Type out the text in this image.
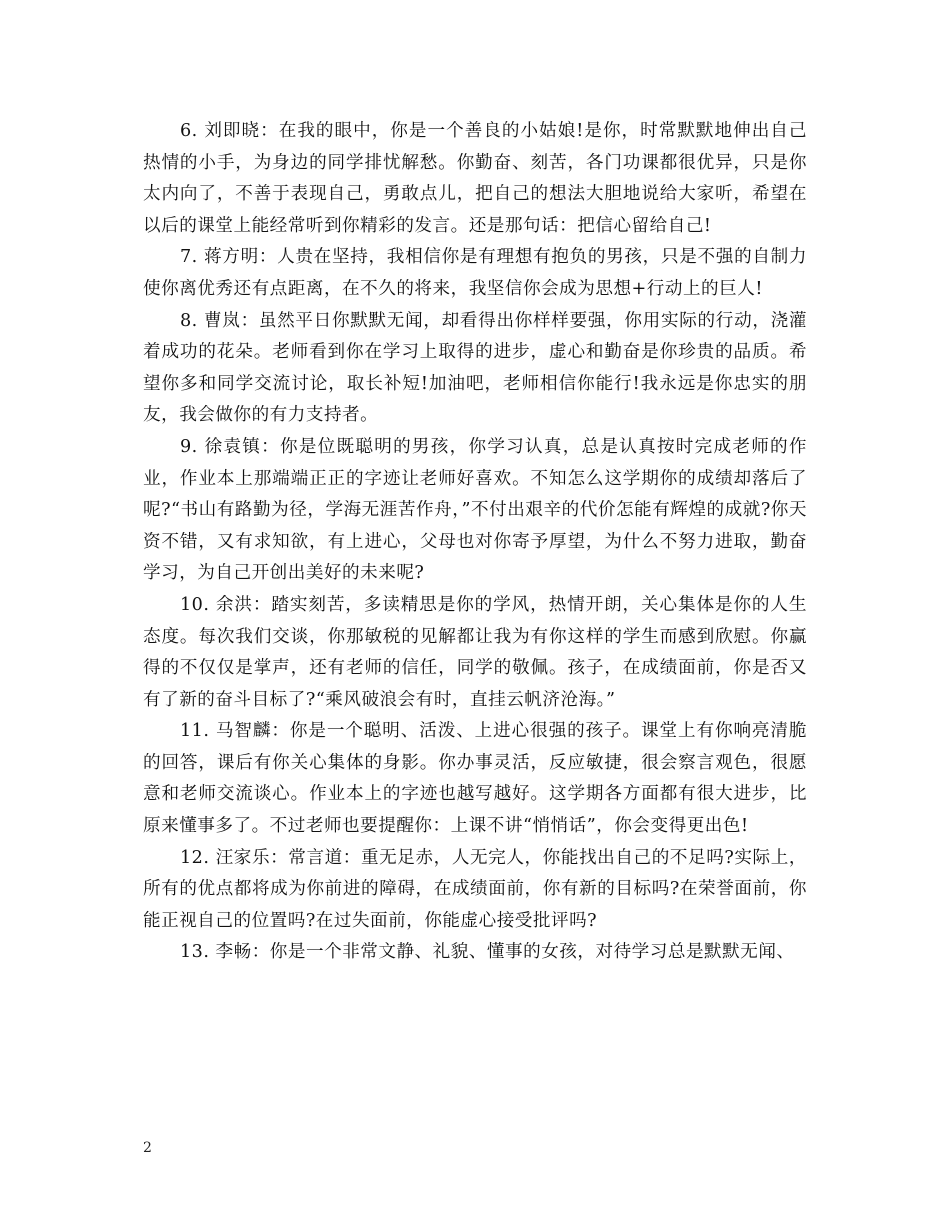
6. 刘即晓：在我的眼中，你是一个善良的小姑娘!是你，时常默默地伸出自己热情的小手，为身边的同学排忧解愁。你勤奋、刻苦，各门功课都很优异，只是你太内向了，不善于表现自己，勇敢点儿，把自己的想法大胆地说给大家听，希望在以后的课堂上能经常听到你精彩的发言。还是那句话：把信心留给自己!

7. 蒋方明：人贵在坚持，我相信你是有理想有抱负的男孩，只是不强的自制力使你离优秀还有点距离，在不久的将来，我坚信你会成为思想+行动上的巨人!

8. 曹岚：虽然平日你默默无闻，却看得出你样样要强，你用实际的行动，浇灌着成功的花朵。老师看到你在学习上取得的进步，虚心和勤奋是你珍贵的品质。希望你多和同学交流讨论，取长补短!加油吧，老师相信你能行!我永远是你忠实的朋友，我会做你的有力支持者。

9. 徐袁镇：你是位既聪明的男孩，你学习认真，总是认真按时完成老师的作业，作业本上那端端正正的字迹让老师好喜欢。不知怎么这学期你的成绩却落后了呢?“书山有路勤为径，学海无涯苦作舟，”不付出艰辛的代价怎能有辉煌的成就?你天资不错，又有求知欲，有上进心，父母也对你寄予厚望，为什么不努力进取，勤奋学习，为自己开创出美好的未来呢?

10. 余洪：踏实刻苦，多读精思是你的学风，热情开朗，关心集体是你的人生态度。每次我们交谈，你那敏税的见解都让我为有你这样的学生而感到欣慰。你赢得的不仅仅是掌声，还有老师的信任，同学的敬佩。孩子，在成绩面前，你是否又有了新的奋斗目标了?“乘风破浪会有时，直挂云帆济沧海。”

11. 马智麟：你是一个聪明、活泼、上进心很强的孩子。课堂上有你响亮清脆的回答，课后有你关心集体的身影。你办事灵活，反应敏捷，很会察言观色，很愿意和老师交流谈心。作业本上的字迹也越写越好。这学期各方面都有很大进步，比原来懂事多了。不过老师也要提醒你：上课不讲“悄悄话”，你会变得更出色!

12. 汪家乐：常言道：重无足赤，人无完人，你能找出自己的不足吗?实际上，所有的优点都将成为你前进的障碍，在成绩面前，你有新的目标吗?在荣誉面前，你能正视自己的位置吗?在过失面前，你能虚心接受批评吗?

13. 李畅：你是一个非常文静、礼貌、懂事的女孩，对待学习总是默默无闻、

2
